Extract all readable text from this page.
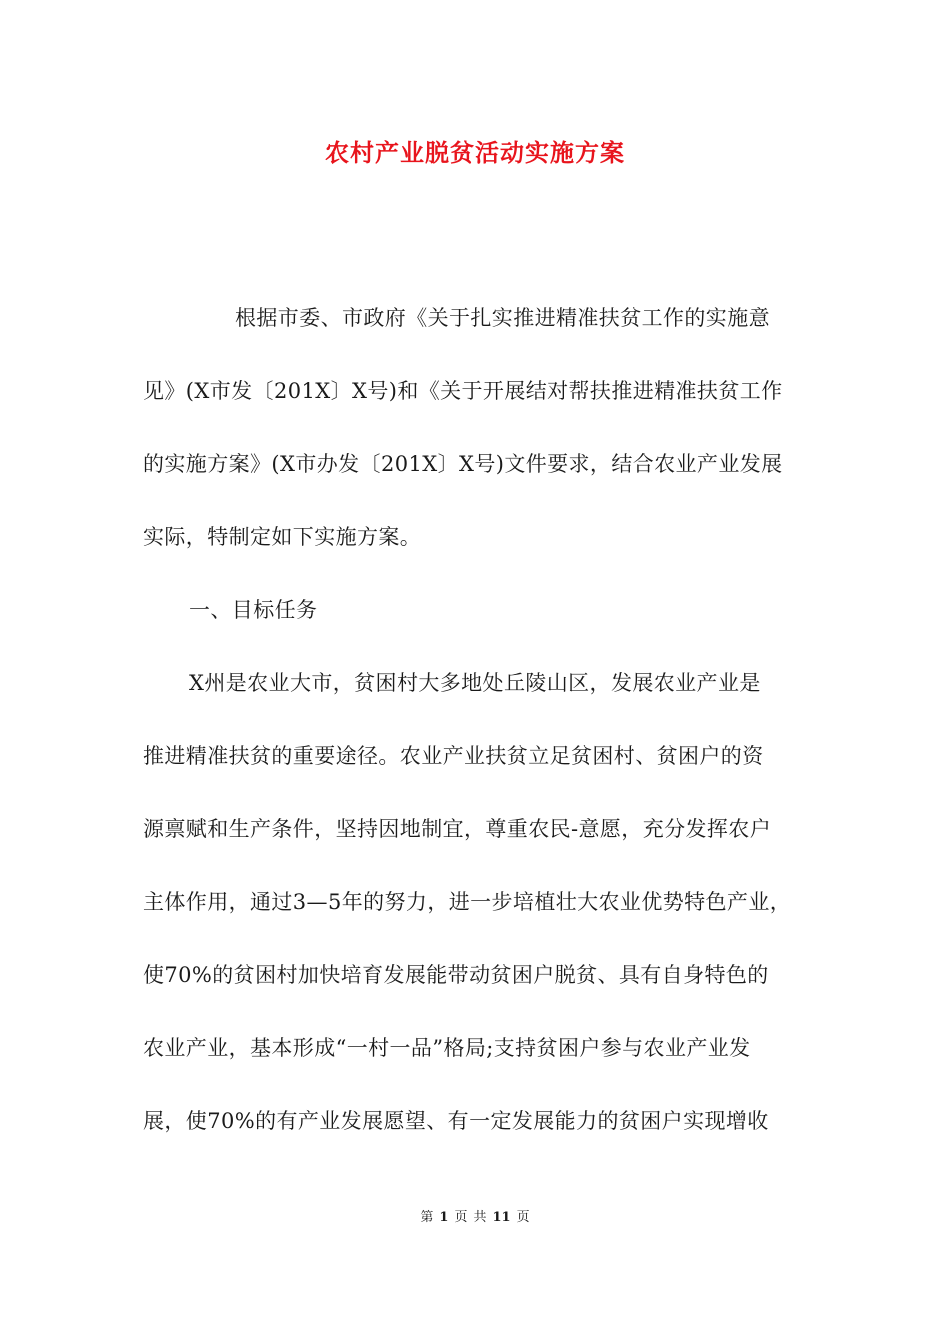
农村产业脱贫活动实施方案
根据市委、市政府《关于扎实推进精准扶贫工作的实施意
见》(X市发〔201X〕X号)和《关于开展结对帮扶推进精准扶贫工作
的实施方案》(X市办发〔201X〕X号)文件要求，结合农业产业发展
实际，特制定如下实施方案。
一、目标任务
X州是农业大市，贫困村大多地处丘陵山区，发展农业产业是
推进精准扶贫的重要途径。农业产业扶贫立足贫困村、贫困户的资
源禀赋和生产条件，坚持因地制宜，尊重农民-意愿，充分发挥农户
主体作用，通过3—5年的努力，进一步培植壮大农业优势特色产业，
使70%的贫困村加快培育发展能带动贫困户脱贫、具有自身特色的
农业产业，基本形成“一村一品”格局;支持贫困户参与农业产业发
展，使70%的有产业发展愿望、有一定发展能力的贫困户实现增收
第 1 页 共 11 页
